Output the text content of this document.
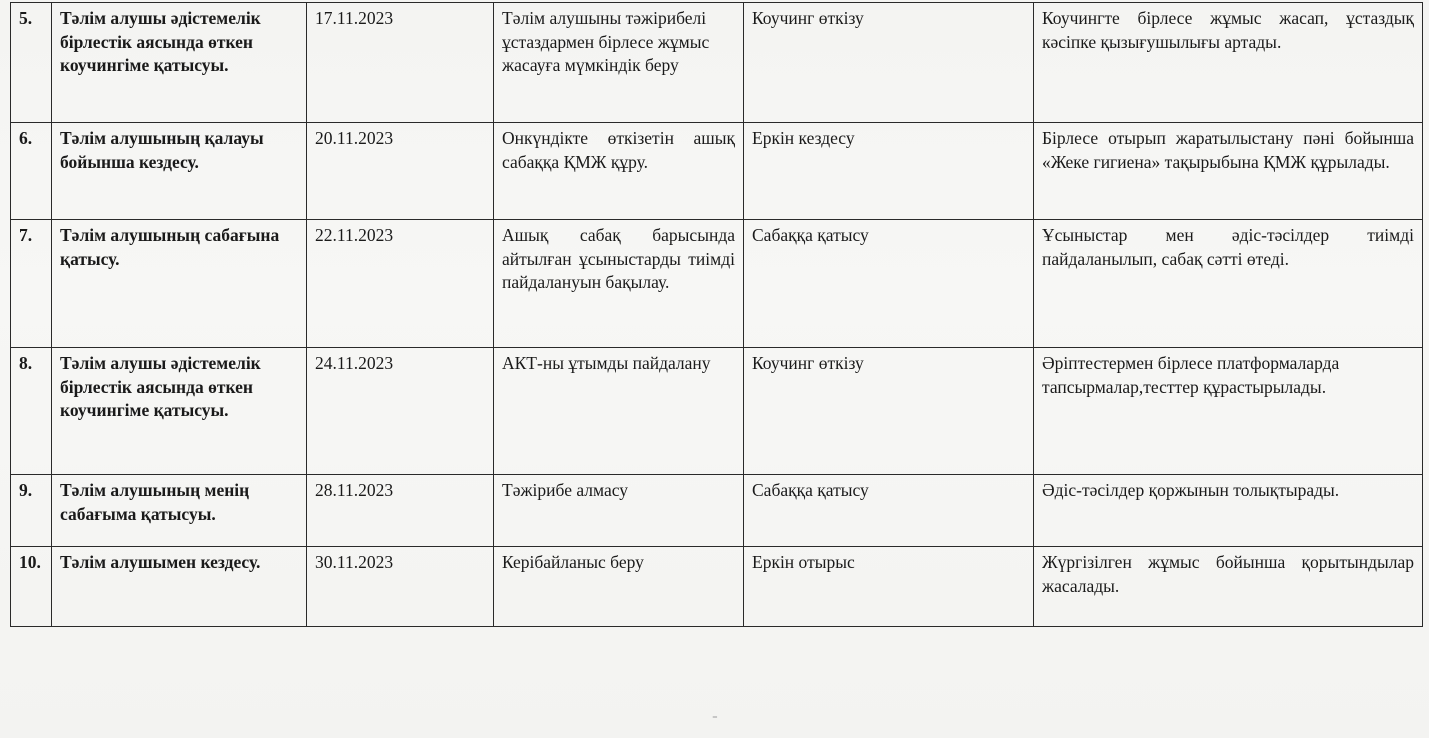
5.	Тәлім алушы әдістемелік бірлестік аясында өткен коучингіме қатысуы.	17.11.2023	Тәлім алушыны тәжірибелі ұстаздармен бірлесе жұмыс жасауға мүмкіндік беру	Коучинг өткізу	Коучингте бірлесе жұмыс жасап, ұстаздық кәсіпке қызығушылығы артады.
6.	Тәлім алушының қалауы бойынша кездесу.	20.11.2023	Онкүндікте өткізетін ашық сабаққа ҚМЖ құру.	Еркін кездесу	Бірлесе отырып жаратылыстану пәні бойынша «Жеке гигиена» тақырыбына ҚМЖ құрылады.
7.	Тәлім алушының сабағына қатысу.	22.11.2023	Ашық сабақ барысында айтылған ұсыныстарды тиімді пайдалануын бақылау.	Сабаққа қатысу	Ұсыныстар мен әдіс-тәсілдер тиімді пайдаланылып, сабақ сәтті өтеді.
8.	Тәлім алушы әдістемелік бірлестік аясында өткен коучингіме қатысуы.	24.11.2023	АКТ-ны ұтымды пайдалану	Коучинг өткізу	Әріптестермен бірлесе платформаларда тапсырмалар,тесттер құрастырылады.
9.	Тәлім алушының менің сабағыма қатысуы.	28.11.2023	Тәжірибе алмасу	Сабаққа қатысу	Әдіс-тәсілдер қоржынын толықтырады.
10.	Тәлім алушымен кездесу.	30.11.2023	Керібайланыс беру	Еркін отырыс	Жүргізілген жұмыс бойынша қорытындылар жасалады.
⁼
